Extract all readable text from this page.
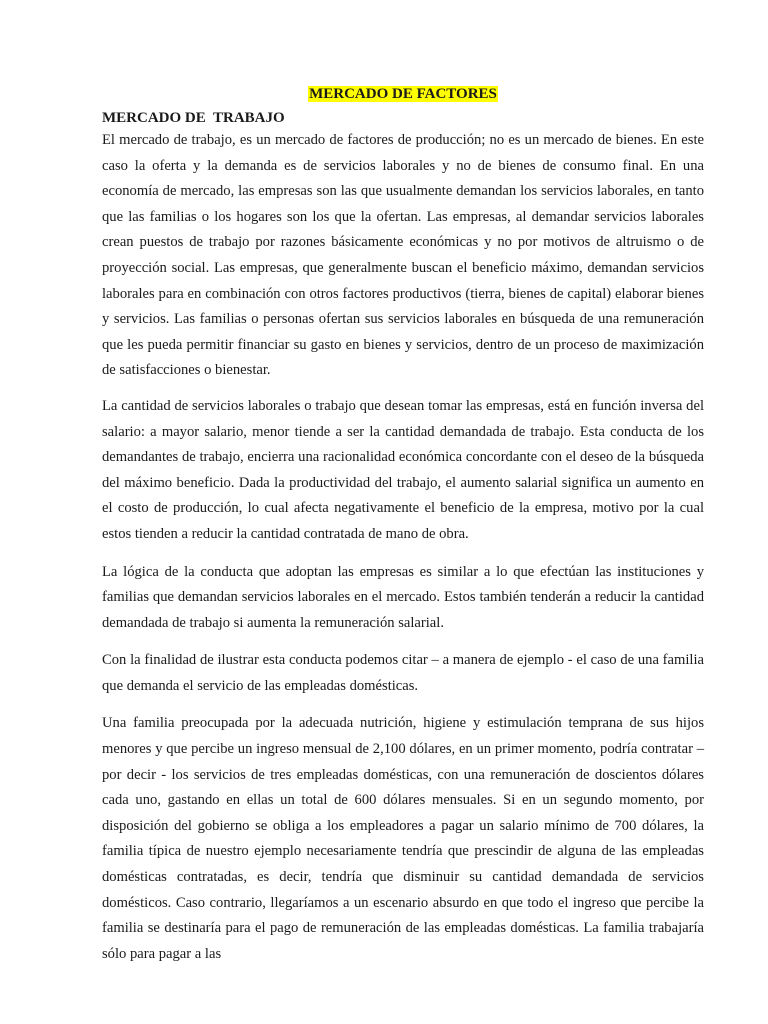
MERCADO DE FACTORES
MERCADO DE  TRABAJO

El mercado de trabajo, es un mercado de factores de producción; no es un mercado de bienes. En este caso la oferta y la demanda es de servicios laborales y no de bienes de consumo final. En una economía de mercado, las empresas son las que usualmente demandan los servicios laborales, en tanto que las familias o los hogares son los que la ofertan. Las empresas, al demandar servicios laborales crean puestos de trabajo por razones básicamente económicas y no por motivos de altruismo o de proyección social. Las empresas, que generalmente buscan el beneficio máximo, demandan servicios laborales para en combinación con otros factores productivos (tierra, bienes de capital) elaborar bienes y servicios. Las familias o personas ofertan sus servicios laborales en búsqueda de una remuneración que les pueda permitir financiar su gasto en bienes y servicios, dentro de un proceso de maximización de satisfacciones o bienestar.

La cantidad de servicios laborales o trabajo que desean tomar las empresas, está en función inversa del salario: a mayor salario, menor tiende a ser la cantidad demandada de trabajo. Esta conducta de los demandantes de trabajo, encierra una racionalidad económica concordante con el deseo de la búsqueda del máximo beneficio. Dada la productividad del trabajo, el aumento salarial significa un aumento en el costo de producción, lo cual afecta negativamente el beneficio de la empresa, motivo por la cual estos tienden a reducir la cantidad contratada de mano de obra.

La lógica de la conducta que adoptan las empresas es similar a lo que efectúan las instituciones y familias que demandan servicios laborales en el mercado. Estos también tenderán a reducir la cantidad demandada de trabajo si aumenta la remuneración salarial.

Con la finalidad de ilustrar esta conducta podemos citar – a manera de ejemplo - el caso de una familia que demanda el servicio de las empleadas domésticas.

Una familia preocupada por la adecuada nutrición, higiene y estimulación temprana de sus hijos menores y que percibe un ingreso mensual de 2,100 dólares, en un primer momento, podría contratar – por decir - los servicios de tres empleadas domésticas, con una remuneración de doscientos dólares cada uno, gastando en ellas un total de 600 dólares mensuales. Si en un segundo momento, por disposición del gobierno se obliga a los empleadores a pagar un salario mínimo de 700 dólares, la familia típica de nuestro ejemplo necesariamente tendría que prescindir de alguna de las empleadas domésticas contratadas, es decir, tendría que disminuir su cantidad demandada de servicios domésticos. Caso contrario, llegaríamos a un escenario absurdo en que todo el ingreso que percibe la familia se destinaría para el pago de remuneración de las empleadas domésticas. La familia trabajaría sólo para pagar a las
